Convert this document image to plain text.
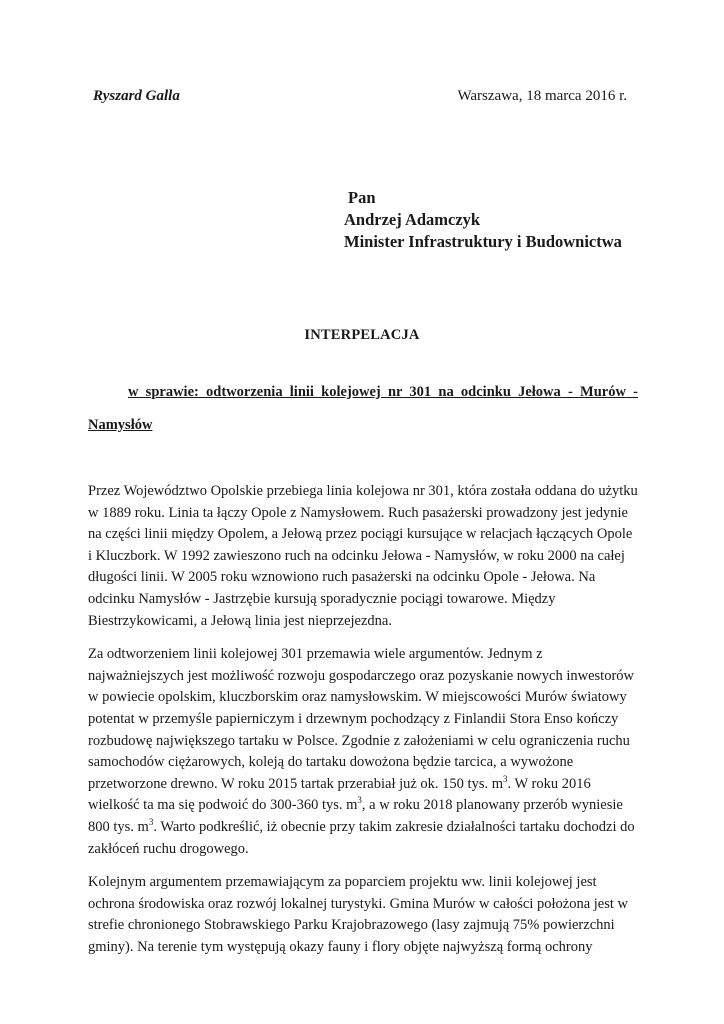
Ryszard Galla	Warszawa, 18 marca 2016 r.
Pan
Andrzej Adamczyk
Minister Infrastruktury i Budownictwa
INTERPELACJA
w sprawie: odtworzenia linii kolejowej nr 301 na odcinku Jełowa - Murów - Namysłów

Przez Województwo Opolskie przebiega linia kolejowa nr 301, która została oddana do użytku w 1889 roku. Linia ta łączy Opole z Namysłowem. Ruch pasażerski prowadzony jest jedynie na części linii między Opolem, a Jełową przez pociągi kursujące w relacjach łączących Opole i Kluczbork. W 1992 zawieszono ruch na odcinku Jełowa - Namysłów, w roku 2000 na całej długości linii. W 2005 roku wznowiono ruch pasażerski na odcinku Opole - Jełowa. Na odcinku Namysłów - Jastrzębie kursują sporadycznie pociągi towarowe. Między Biestrzykowicami, a Jełową linia jest nieprzejezdna.

Za odtworzeniem linii kolejowej 301 przemawia wiele argumentów. Jednym z najważniejszych jest możliwość rozwoju gospodarczego oraz pozyskanie nowych inwestorów w powiecie opolskim, kluczborskim oraz namysłowskim. W miejscowości Murów światowy potentat w przemyśle papierniczym i drzewnym pochodzący z Finlandii Stora Enso kończy rozbudowę największego tartaku w Polsce. Zgodnie z założeniami w celu ograniczenia ruchu samochodów ciężarowych, koleją do tartaku dowożona będzie tarcica, a wywożone przetworzone drewno. W roku 2015 tartak przerabiał już ok. 150 tys. $m^3$. W roku 2016 wielkość ta ma się podwoić do 300-360 tys. $m^3$, a w roku 2018 planowany przerób wyniesie 800 tys. $m^3$. Warto podkreślić, iż obecnie przy takim zakresie działalności tartaku dochodzi do zakłóceń ruchu drogowego.

Kolejnym argumentem przemawiającym za poparciem projektu ww. linii kolejowej jest ochrona środowiska oraz rozwój lokalnej turystyki. Gmina Murów w całości położona jest w strefie chronionego Stobrawskiego Parku Krajobrazowego (lasy zajmują 75% powierzchni gminy). Na terenie tym występują okazy fauny i flory objęte najwyższą formą ochrony
